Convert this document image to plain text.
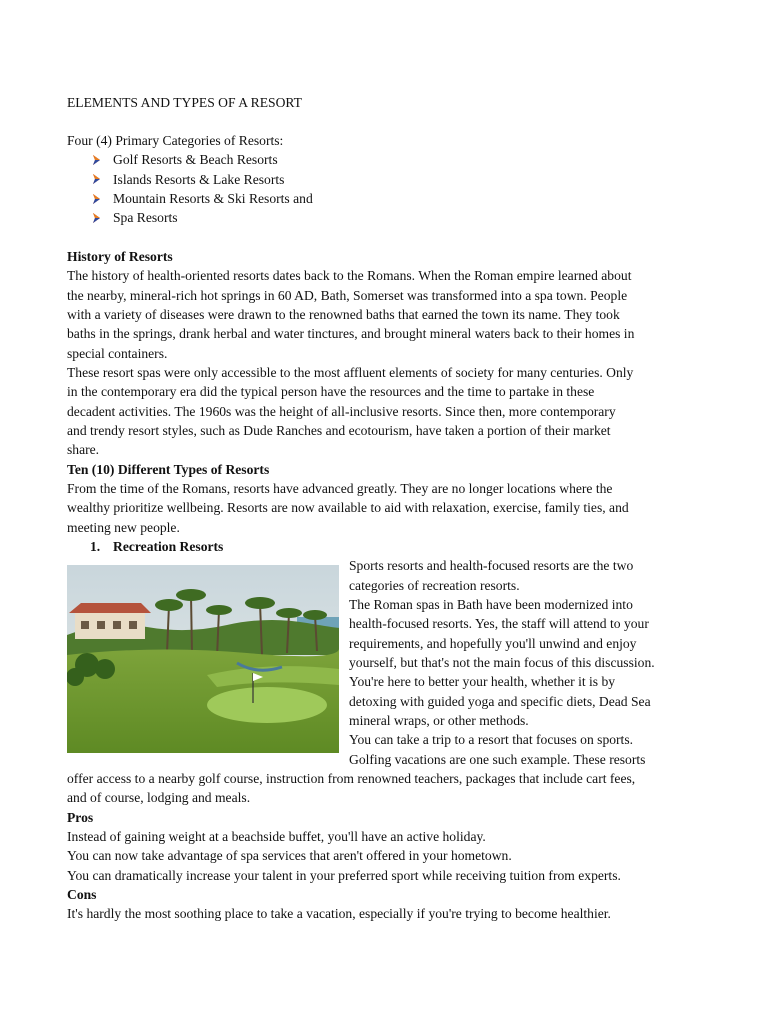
ELEMENTS AND TYPES OF A RESORT

Four (4) Primary Categories of Resorts:

Golf Resorts & Beach Resorts

Islands Resorts & Lake Resorts

Mountain Resorts & Ski Resorts and

Spa Resorts

History of Resorts

The history of health-oriented resorts dates back to the Romans. When the Roman empire learned about

the nearby, mineral-rich hot springs in 60 AD, Bath, Somerset was transformed into a spa town. People

with a variety of diseases were drawn to the renowned baths that earned the town its name. They took

baths in the springs, drank herbal and water tinctures, and brought mineral waters back to their homes in

special containers.

These resort spas were only accessible to the most affluent elements of society for many centuries. Only

in the contemporary era did the typical person have the resources and the time to partake in these

decadent activities. The 1960s was the height of all-inclusive resorts. Since then, more contemporary

and trendy resort styles, such as Dude Ranches and ecotourism, have taken a portion of their market

share.

Ten (10) Different Types of Resorts

From the time of the Romans, resorts have advanced greatly. They are no longer locations where the

wealthy prioritize wellbeing. Resorts are now available to aid with relaxation, exercise, family ties, and

meeting new people.

1. Recreation Resorts

Sports resorts and health-focused resorts are the two

categories of recreation resorts.

The Roman spas in Bath have been modernized into

health-focused resorts. Yes, the staff will attend to your

requirements, and hopefully you'll unwind and enjoy

yourself, but that's not the main focus of this discussion.

You're here to better your health, whether it is by

detoxing with guided yoga and specific diets, Dead Sea

mineral wraps, or other methods.

You can take a trip to a resort that focuses on sports.

Golfing vacations are one such example. These resorts

offer access to a nearby golf course, instruction from renowned teachers, packages that include cart fees,

and of course, lodging and meals.

Pros

Instead of gaining weight at a beachside buffet, you'll have an active holiday.

You can now take advantage of spa services that aren't offered in your hometown.

You can dramatically increase your talent in your preferred sport while receiving tuition from experts.

Cons

It's hardly the most soothing place to take a vacation, especially if you're trying to become healthier.
